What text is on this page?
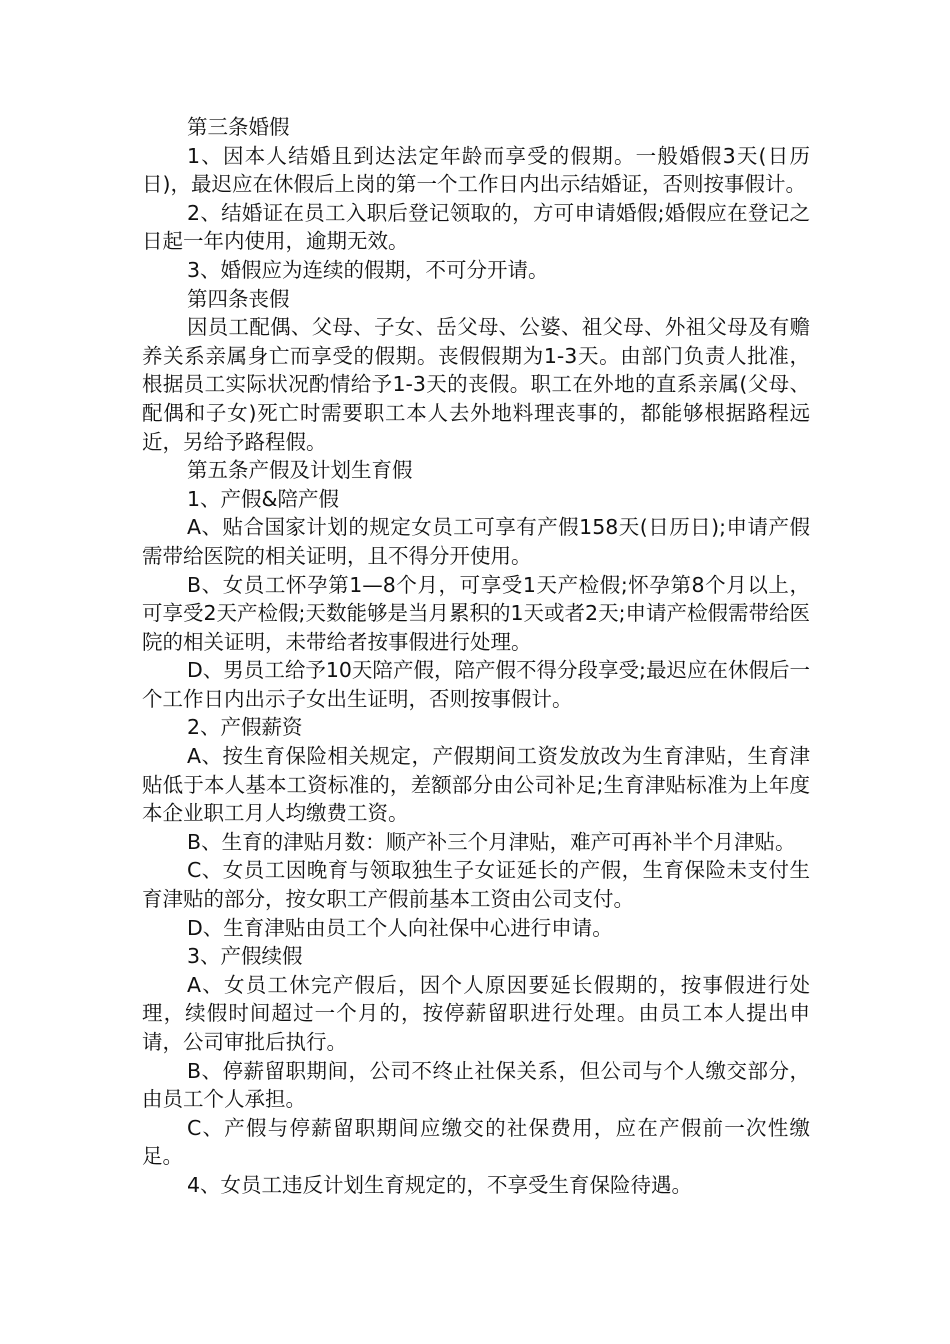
第三条婚假

1、因本人结婚且到达法定年龄而享受的假期。一般婚假3天(日历日)，最迟应在休假后上岗的第一个工作日内出示结婚证，否则按事假计。

2、结婚证在员工入职后登记领取的，方可申请婚假;婚假应在登记之日起一年内使用，逾期无效。

3、婚假应为连续的假期，不可分开请。

第四条丧假

因员工配偶、父母、子女、岳父母、公婆、祖父母、外祖父母及有赡养关系亲属身亡而享受的假期。丧假假期为1-3天。由部门负责人批准，根据员工实际状况酌情给予1-3天的丧假。职工在外地的直系亲属(父母、配偶和子女)死亡时需要职工本人去外地料理丧事的，都能够根据路程远近，另给予路程假。

第五条产假及计划生育假

1、产假&陪产假

A、贴合国家计划的规定女员工可享有产假158天(日历日);申请产假需带给医院的相关证明，且不得分开使用。

B、女员工怀孕第1—8个月，可享受1天产检假;怀孕第8个月以上，可享受2天产检假;天数能够是当月累积的1天或者2天;申请产检假需带给医院的相关证明，未带给者按事假进行处理。

D、男员工给予10天陪产假，陪产假不得分段享受;最迟应在休假后一个工作日内出示子女出生证明，否则按事假计。

2、产假薪资

A、按生育保险相关规定，产假期间工资发放改为生育津贴，生育津贴低于本人基本工资标准的，差额部分由公司补足;生育津贴标准为上年度本企业职工月人均缴费工资。

B、生育的津贴月数：顺产补三个月津贴，难产可再补半个月津贴。

C、女员工因晚育与领取独生子女证延长的产假，生育保险未支付生育津贴的部分，按女职工产假前基本工资由公司支付。

D、生育津贴由员工个人向社保中心进行申请。

3、产假续假

A、女员工休完产假后，因个人原因要延长假期的，按事假进行处理，续假时间超过一个月的，按停薪留职进行处理。由员工本人提出申请，公司审批后执行。

B、停薪留职期间，公司不终止社保关系，但公司与个人缴交部分，由员工个人承担。

C、产假与停薪留职期间应缴交的社保费用，应在产假前一次性缴足。

4、女员工违反计划生育规定的，不享受生育保险待遇。
